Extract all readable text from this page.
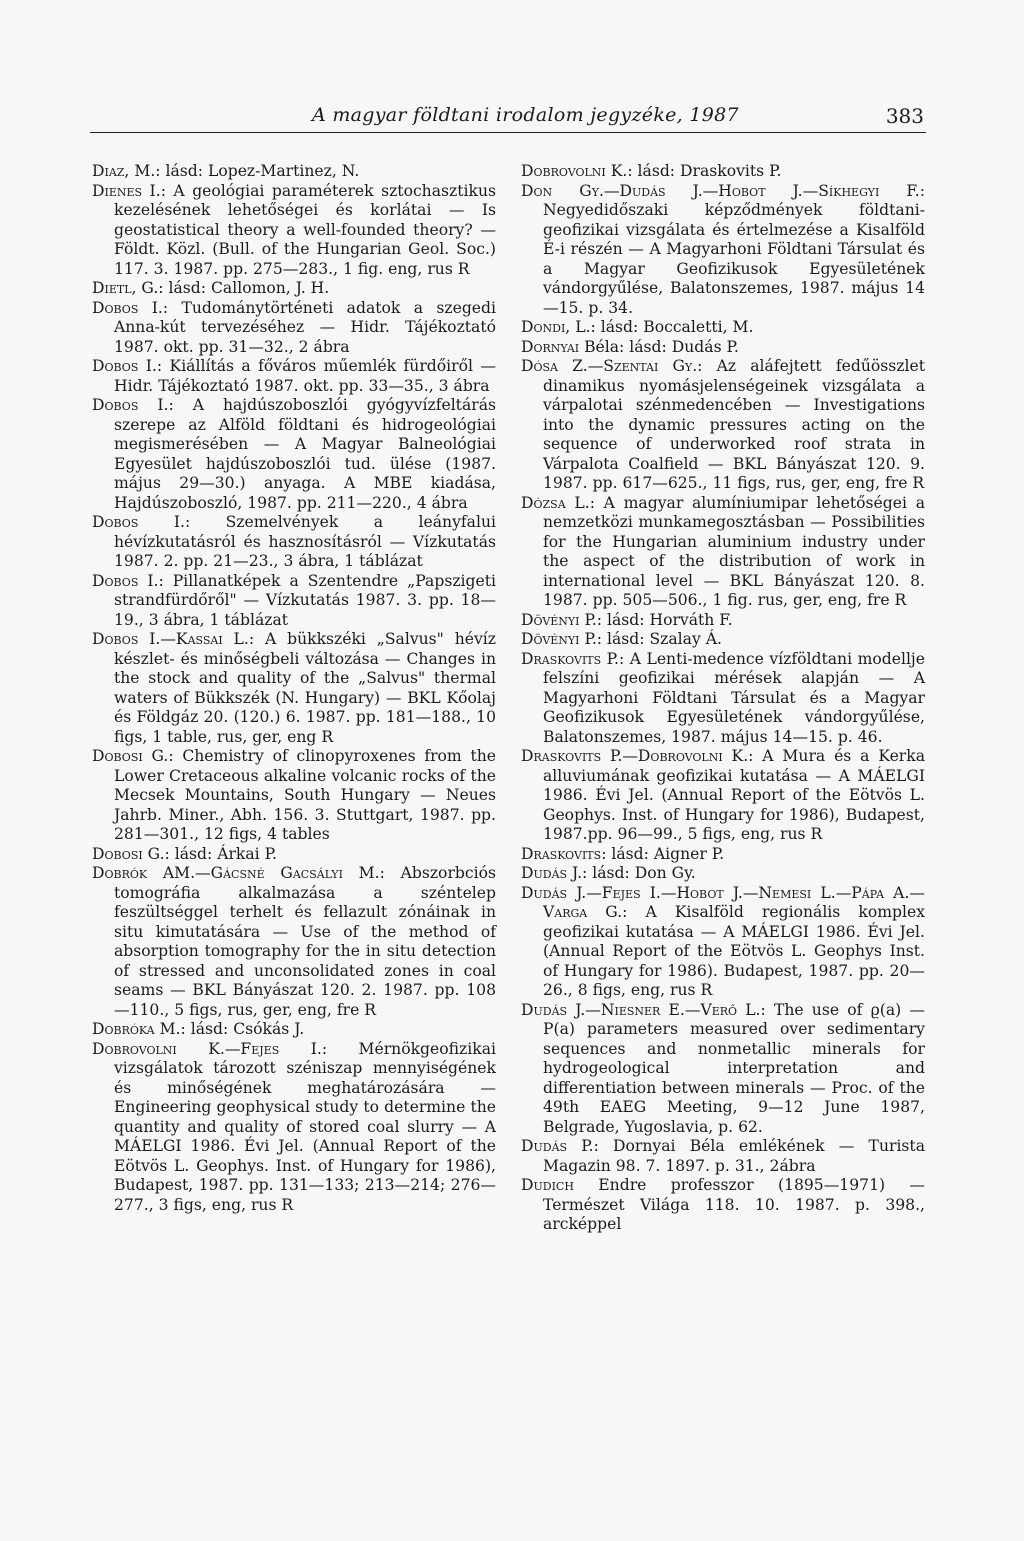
A magyar földtani irodalom jegyzéke, 1987	383

Diaz, M.: lásd: Lopez-Martinez, N.

Dienes I.: A geológiai paraméterek sztochasztikus kezelésének lehetőségei és korlátai — Is geostatistical theory a well-founded theory? — Földt. Közl. (Bull. of the Hungarian Geol. Soc.) 117. 3. 1987. pp. 275—283., 1 fig. eng, rus R

Dietl, G.: lásd: Callomon, J. H.

Dobos I.: Tudománytörténeti adatok a szegedi Anna-kút tervezéséhez — Hidr. Tájékoztató 1987. okt. pp. 31—32., 2 ábra

Dobos I.: Kiállítás a főváros műemlék fürdőiről — Hidr. Tájékoztató 1987. okt. pp. 33—35., 3 ábra

Dobos I.: A hajdúszoboszlói gyógyvízfeltárás szerepe az Alföld földtani és hidrogeológiai megismerésében — A Magyar Balneológiai Egyesület hajdúszoboszlói tud. ülése (1987. május 29—30.) anyaga. A MBE kiadása, Hajdúszoboszló, 1987. pp. 211—220., 4 ábra

Dobos I.: Szemelvények a leányfalui hévízkutatásról és hasznosításról — Vízkutatás 1987. 2. pp. 21—23., 3 ábra, 1 táblázat

Dobos I.: Pillanatképek a Szentendre „Papszigeti strandfürdőről" — Vízkutatás 1987. 3. pp. 18—19., 3 ábra, 1 táblázat

Dobos I.—Kassai L.: A bükkszéki „Salvus" hévíz készlet- és minőségbeli változása — Changes in the stock and quality of the „Salvus" thermal waters of Bükkszék (N. Hungary) — BKL Kőolaj és Földgáz 20. (120.) 6. 1987. pp. 181—188., 10 figs, 1 table, rus, ger, eng R

Dobosi G.: Chemistry of clinopyroxenes from the Lower Cretaceous alkaline volcanic rocks of the Mecsek Mountains, South Hungary — Neues Jahrb. Miner., Abh. 156. 3. Stuttgart, 1987. pp. 281—301., 12 figs, 4 tables

Dobosi G.: lásd: Árkai P.

Dobrók AM.—Gácsné Gacsályi M.: Abszorbciós tomográfia alkalmazása a széntelep feszültséggel terhelt és fellazult zónáinak in situ kimutatására — Use of the method of absorption tomography for the in situ detection of stressed and unconsolidated zones in coal seams — BKL Bányászat 120. 2. 1987. pp. 108—110., 5 figs, rus, ger, eng, fre R

Dobróka M.: lásd: Csókás J.

Dobrovolni K.—Fejes I.: Mérnökgeofizikai vizsgálatok tározott széniszap mennyiségének és minőségének meghatározására — Engineering geophysical study to determine the quantity and quality of stored coal slurry — A MÁELGI 1986. Évi Jel. (Annual Report of the Eötvös L. Geophys. Inst. of Hungary for 1986), Budapest, 1987. pp. 131—133; 213—214; 276—277., 3 figs, eng, rus R

Dobrovolni K.: lásd: Draskovits P.

Don Gy.—Dudás J.—Hobot J.—Síkhegyi F.: Negyedidőszaki képződmények földtani-geofizikai vizsgálata és értelmezése a Kisalföld É-i részén — A Magyarhoni Földtani Társulat és a Magyar Geofizikusok Egyesületének vándorgyűlése, Balatonszemes, 1987. május 14—15. p. 34.

Dondi, L.: lásd: Boccaletti, M.

Dornyai Béla: lásd: Dudás P.

Dósa Z.—Szentai Gy.: Az aláfejtett fedűösszlet dinamikus nyomásjelenségeinek vizsgálata a várpalotai szénmedencében — Investigations into the dynamic pressures acting on the sequence of underworked roof strata in Várpalota Coalfield — BKL Bányászat 120. 9. 1987. pp. 617—625., 11 figs, rus, ger, eng, fre R

Dózsa L.: A magyar alumíniumipar lehetőségei a nemzetközi munkamegosztásban — Possibilities for the Hungarian aluminium industry under the aspect of the distribution of work in international level — BKL Bányászat 120. 8. 1987. pp. 505—506., 1 fig. rus, ger, eng, fre R

Dövényi P.: lásd: Horváth F.

Dövényi P.: lásd: Szalay Á.

Draskovits P.: A Lenti-medence vízföldtani modellje felszíni geofizikai mérések alapján — A Magyarhoni Földtani Társulat és a Magyar Geofizikusok Egyesületének vándorgyűlése, Balatonszemes, 1987. május 14—15. p. 46.

Draskovits P.—Dobrovolni K.: A Mura és a Kerka alluviumának geofizikai kutatása — A MÁELGI 1986. Évi Jel. (Annual Report of the Eötvös L. Geophys. Inst. of Hungary for 1986), Budapest, 1987.pp. 96—99., 5 figs, eng, rus R

Draskovits: lásd: Aigner P.

Dudás J.: lásd: Don Gy.

Dudás J.—Fejes I.—Hobot J.—Nemesi L.—Pápa A.—Varga G.: A Kisalföld regionális komplex geofizikai kutatása — A MÁELGI 1986. Évi Jel. (Annual Report of the Eötvös L. Geophys Inst. of Hungary for 1986). Budapest, 1987. pp. 20—26., 8 figs, eng, rus R

Dudás J.—Niesner E.—Verő L.: The use of ϱ(a) — P(a) parameters measured over sedimentary sequences and nonmetallic minerals for hydrogeological interpretation and differentiation between minerals — Proc. of the 49th EAEG Meeting, 9—12 June 1987, Belgrade, Yugoslavia, p. 62.

Dudás P.: Dornyai Béla emlékének — Turista Magazin 98. 7. 1897. p. 31., 2ábra

Dudich Endre professzor (1895—1971) — Természet Világa 118. 10. 1987. p. 398., arcképpel
